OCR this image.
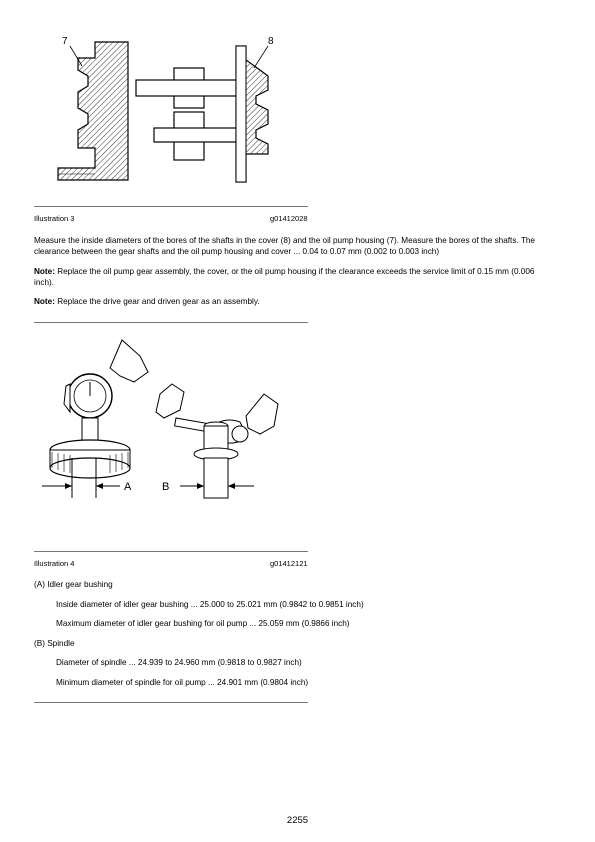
7	8
Illustration 3	g01412028
Measure the inside diameters of the bores of the shafts in the cover (8) and the oil pump housing (7). Measure the bores of the shafts. The clearance between the gear shafts and the oil pump housing and cover ... 0.04 to 0.07 mm (0.002 to 0.003 inch)
Note: Replace the oil pump gear assembly, the cover, or the oil pump housing if the clearance exceeds the service limit of 0.15 mm (0.006 inch).
Note: Replace the drive gear and driven gear as an assembly.
A	B
Illustration 4	g01412121
(A) Idler gear bushing
Inside diameter of idler gear bushing ... 25.000 to 25.021 mm (0.9842 to 0.9851 inch)
Maximum diameter of idler gear bushing for oil pump ... 25.059 mm (0.9866 inch)
(B) Spindle
Diameter of spindle ... 24.939 to 24.960 mm (0.9818 to 0.9827 inch)
Minimum diameter of spindle for oil pump ... 24.901 mm (0.9804 inch)
2255
